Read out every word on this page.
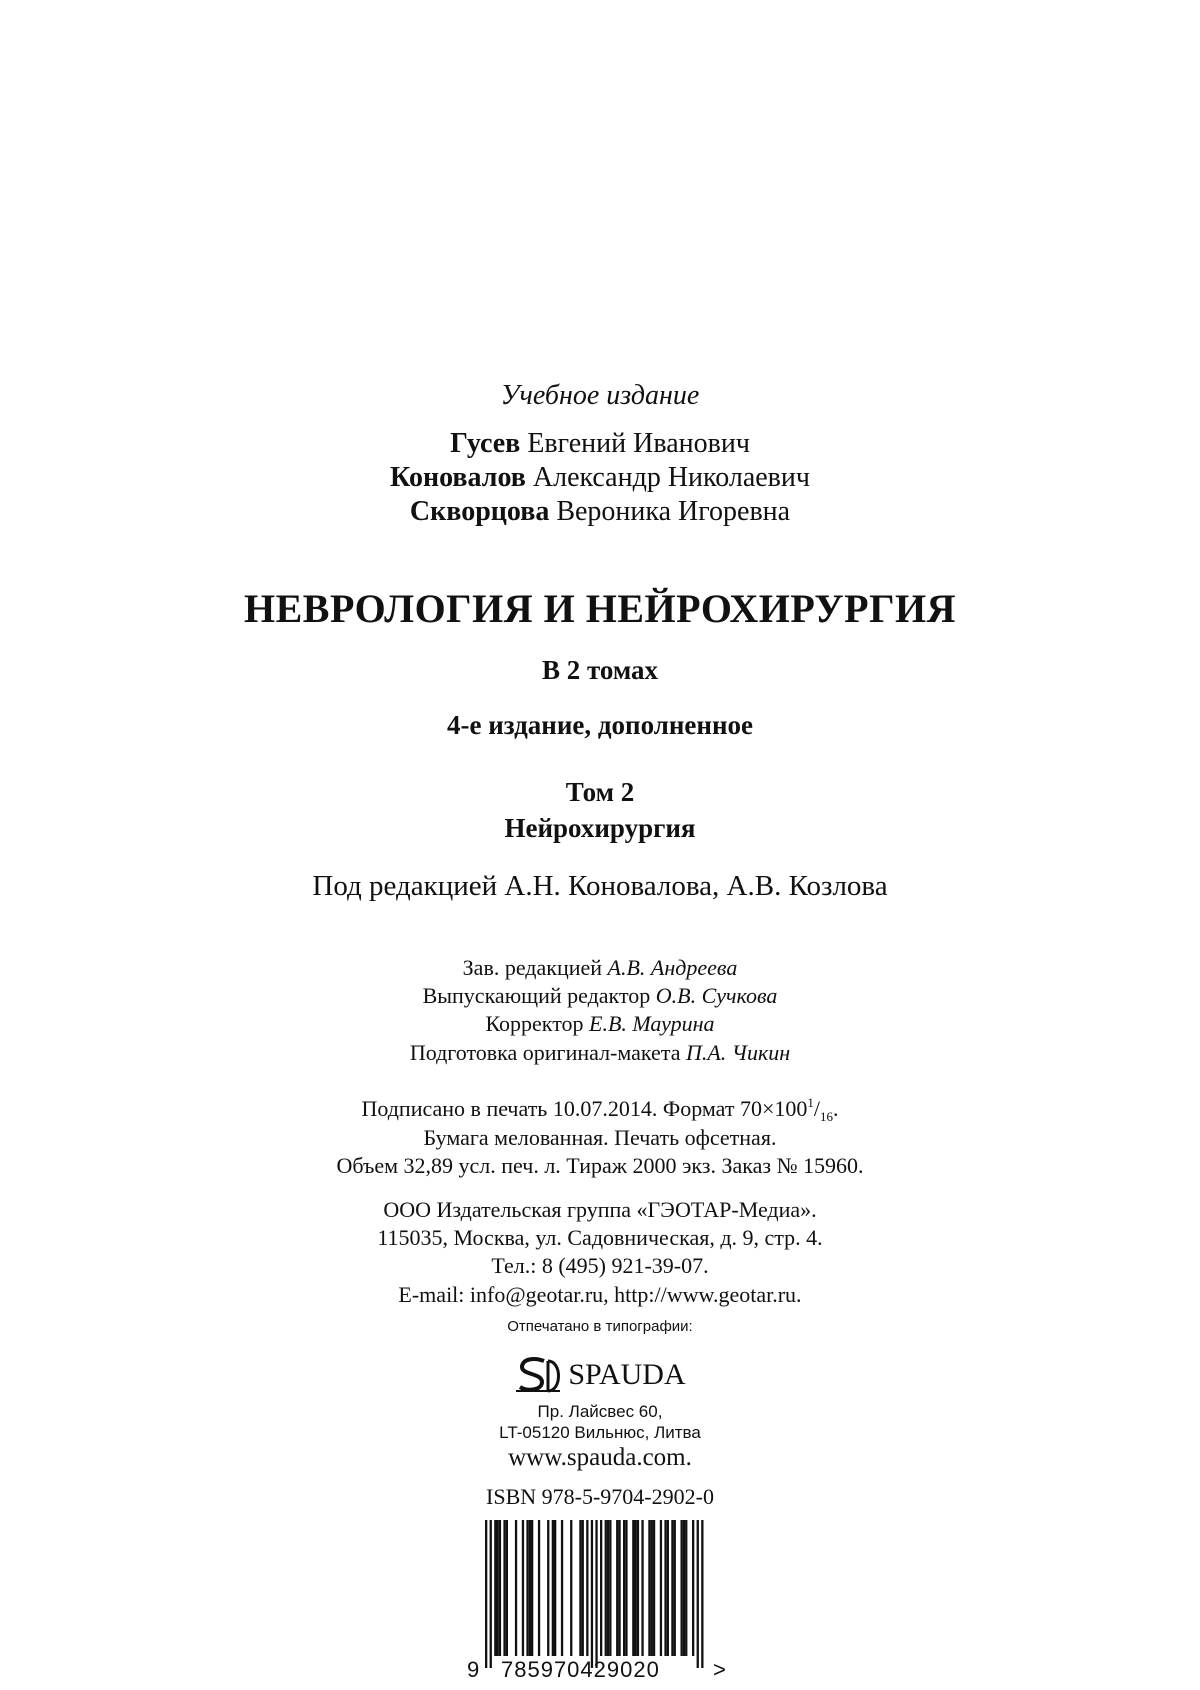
Учебное издание
Гусев Евгений Иванович
Коновалов Александр Николаевич
Скворцова Вероника Игоревна
НЕВРОЛОГИЯ И НЕЙРОХИРУРГИЯ
В 2 томах
4-е издание, дополненное
Том 2
Нейрохирургия
Под редакцией А.Н. Коновалова, А.В. Козлова
Зав. редакцией А.В. Андреева
Выпускающий редактор О.В. Сучкова
Корректор Е.В. Маурина
Подготовка оригинал-макета П.А. Чикин
Подписано в печать 10.07.2014. Формат $70\times 100^1/_{16}$.
Бумага мелованная. Печать офсетная.
Объем 32,89 усл. печ. л. Тираж 2000 экз. Заказ № 15960.
ООО Издательская группа «ГЭОТАР-Медиа».
115035, Москва, ул. Садовническая, д. 9, стр. 4.
Тел.: 8 (495) 921-39-07.
E-mail: info@geotar.ru, http://www.geotar.ru.
Отпечатано в типографии:
SPAUDA
Пр. Лайсвес 60,
LT-05120 Вильнюс, Литва
www.spauda.com.
ISBN 978-5-9704-2902-0
9 785970429020 >
